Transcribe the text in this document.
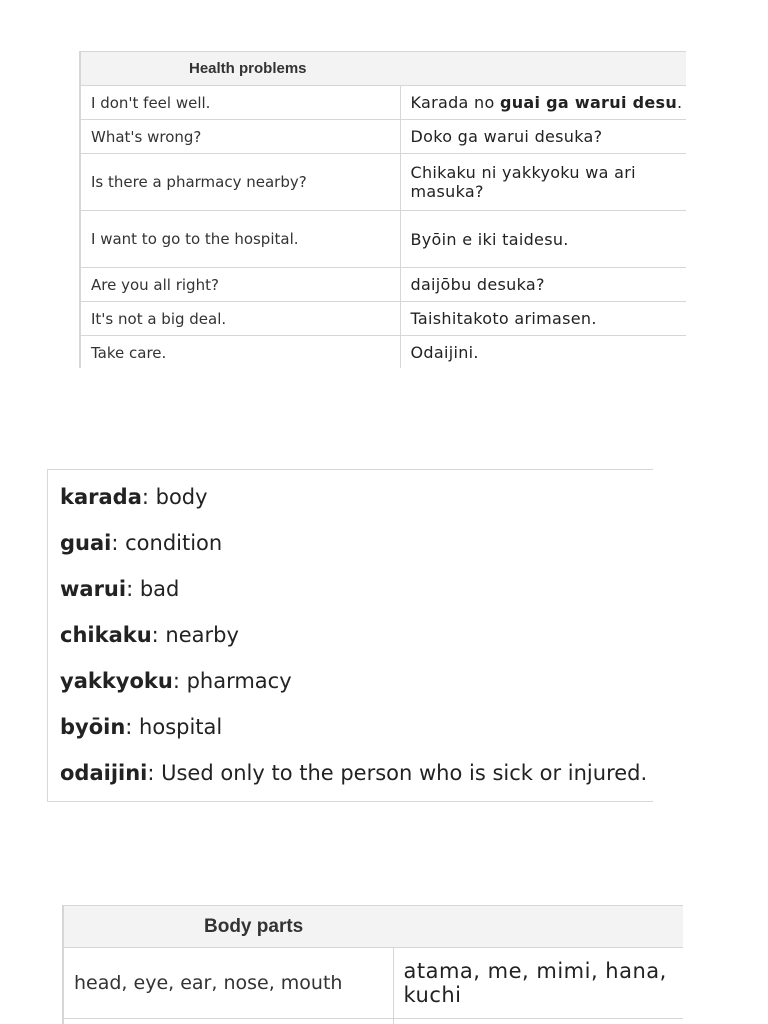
Health problems	
I don't feel well.	Karada no guai ga warui desu.
What's wrong?	Doko ga warui desuka?
Is there a pharmacy nearby?	Chikaku ni yakkyoku wa ari masuka?
I want to go to the hospital.	Byōin e iki taidesu.
Are you all right?	daijōbu desuka?
It's not a big deal.	Taishitakoto arimasen.
Take care.	Odaijini.
karada: body
guai: condition
warui: bad
chikaku: nearby
yakkyoku: pharmacy
byōin: hospital
odaijini: Used only to the person who is sick or injured.
Body parts	
head, eye, ear, nose, mouth	atama, me, mimi, hana, kuchi
